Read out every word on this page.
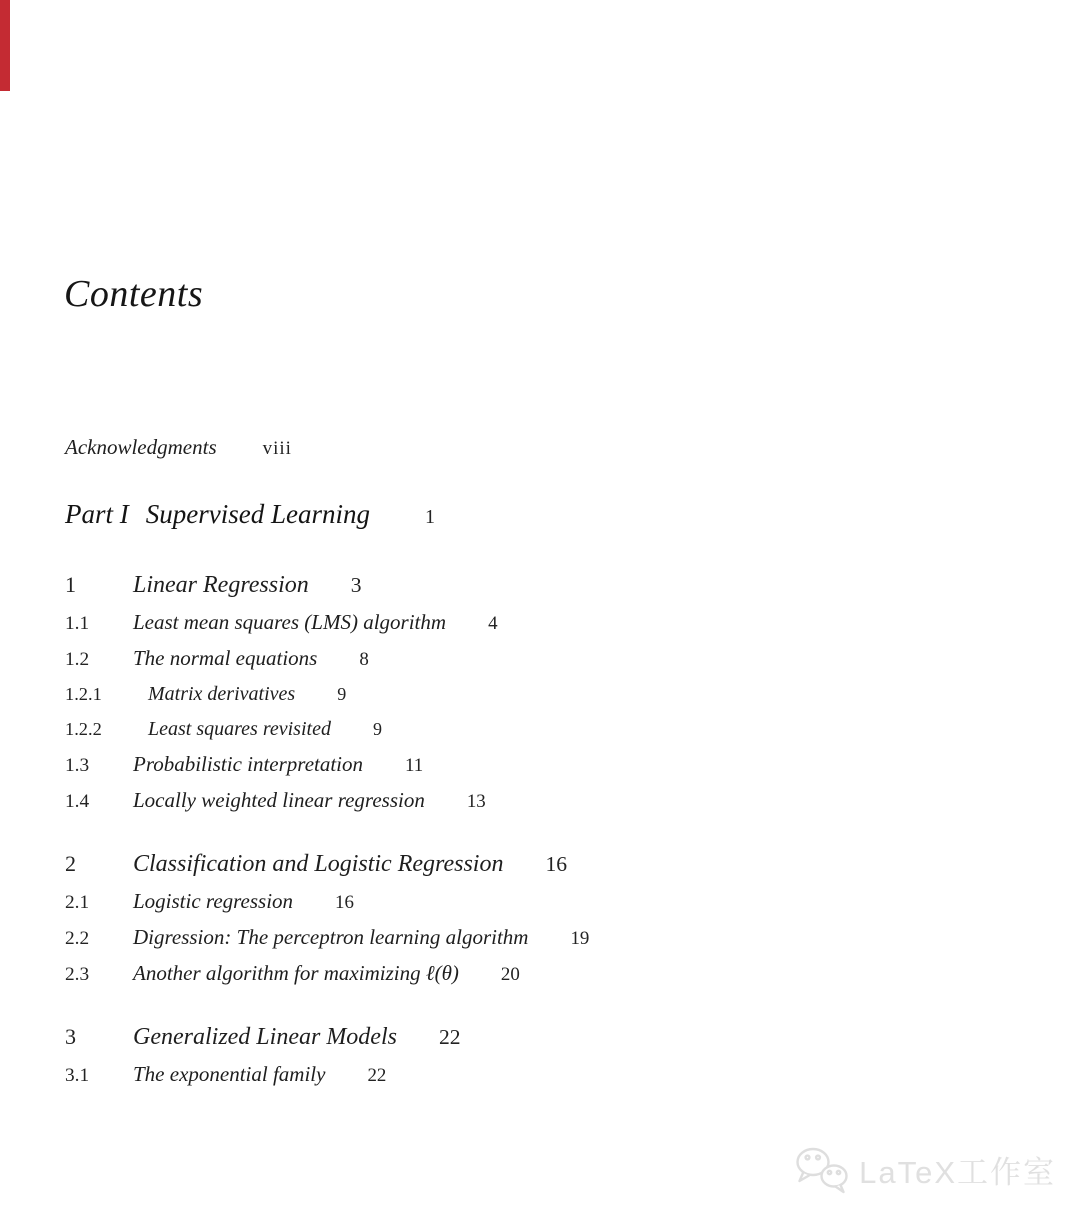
Contents
Acknowledgments viii
Part I Supervised Learning	1
1	Linear Regression 3
1.1	Least mean squares (LMS) algorithm 4
1.2	The normal equations 8
1.2.1	Matrix derivatives 9
1.2.2	Least squares revisited 9
1.3	Probabilistic interpretation 11
1.4	Locally weighted linear regression 13
2	Classification and Logistic Regression 16
2.1	Logistic regression 16
2.2	Digression: The perceptron learning algorithm 19
2.3	Another algorithm for maximizing ℓ(θ) 20
3	Generalized Linear Models 22
3.1	The exponential family 22
LaTeX工作室
